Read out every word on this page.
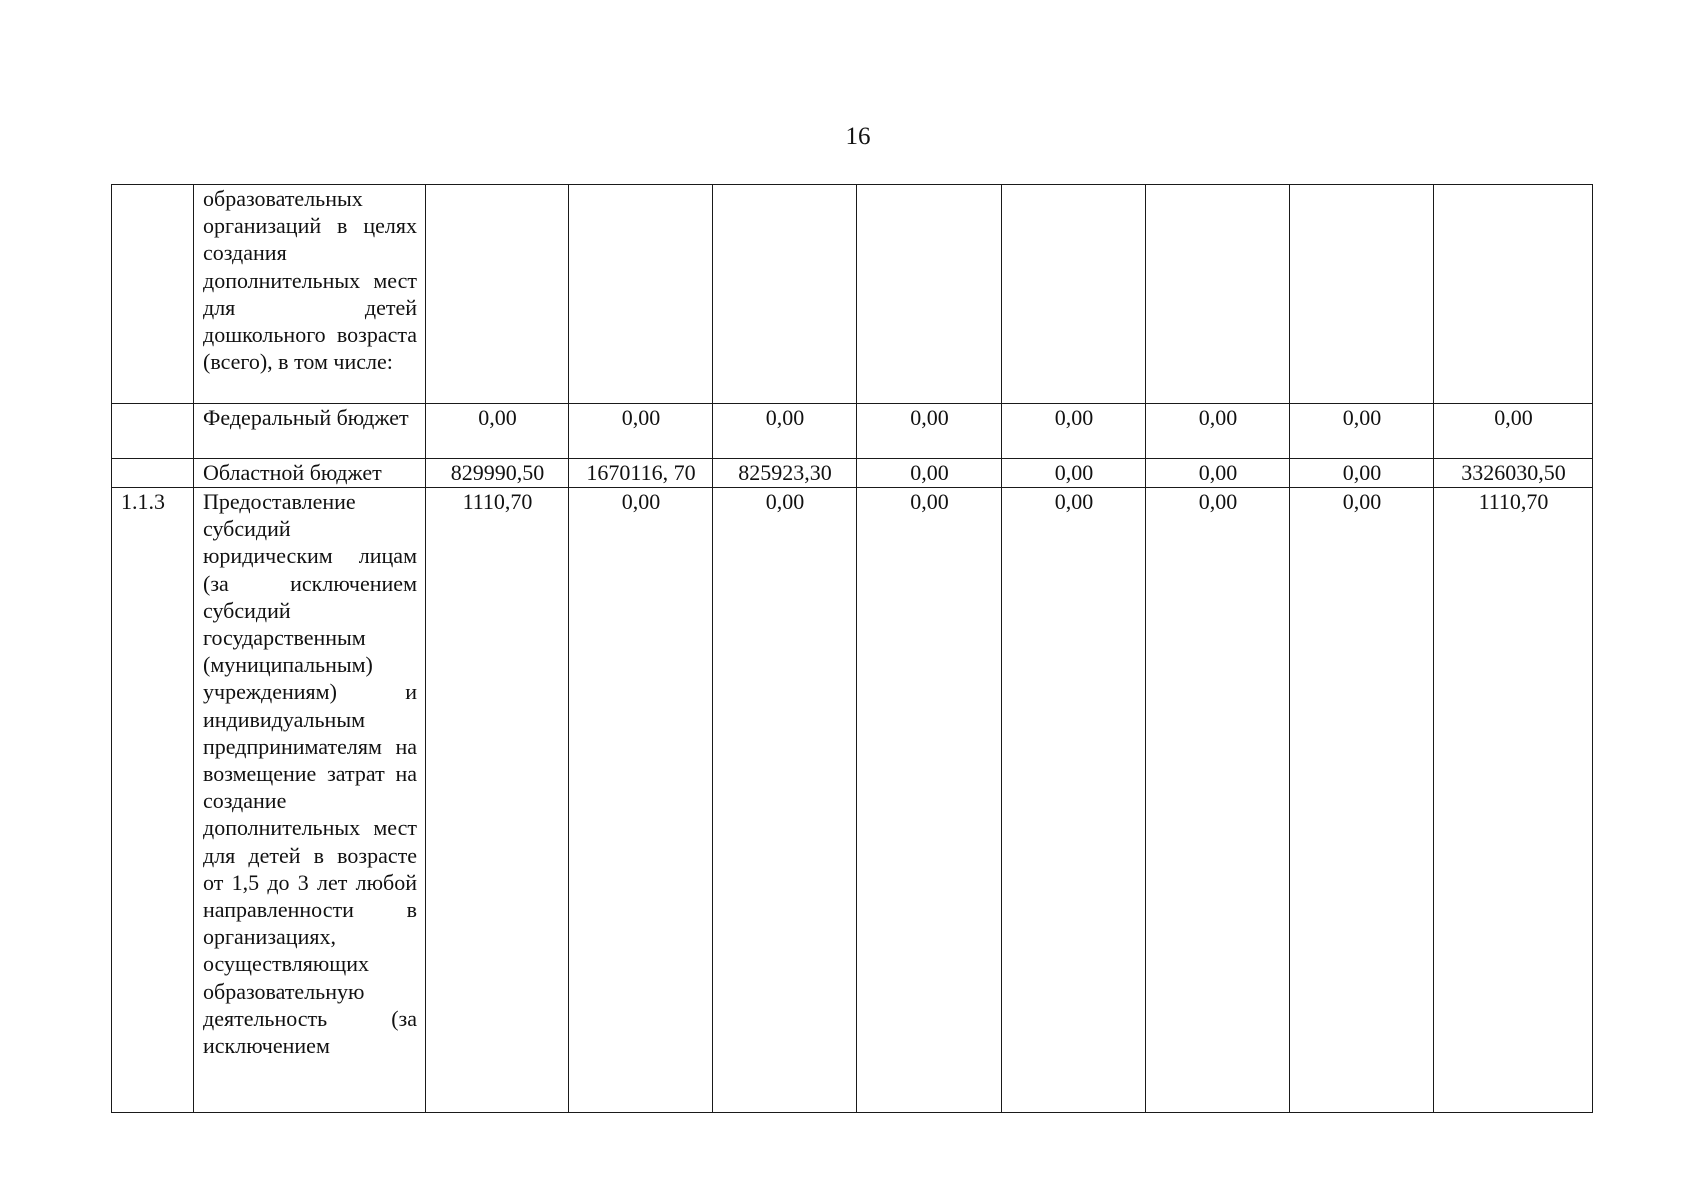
16
	образовательных организаций в целях создания дополнительных мест для детей дошкольного возраста (всего), в том числе:								
	Федеральный бюджет	0,00	0,00	0,00	0,00	0,00	0,00	0,00	0,00
	Областной бюджет	829990,50	1670116, 70	825923,30	0,00	0,00	0,00	0,00	3326030,50
1.1.3	Предоставление субсидий юридическим лицам (за исключением субсидий государственным (муниципальным) учреждениям) и индивидуальным предпринимателям на возмещение затрат на создание дополнительных мест для детей в возрасте от 1,5 до 3 лет любой направленности в организациях, осуществляющих образовательную деятельность (за исключением	1110,70	0,00	0,00	0,00	0,00	0,00	0,00	1110,70
